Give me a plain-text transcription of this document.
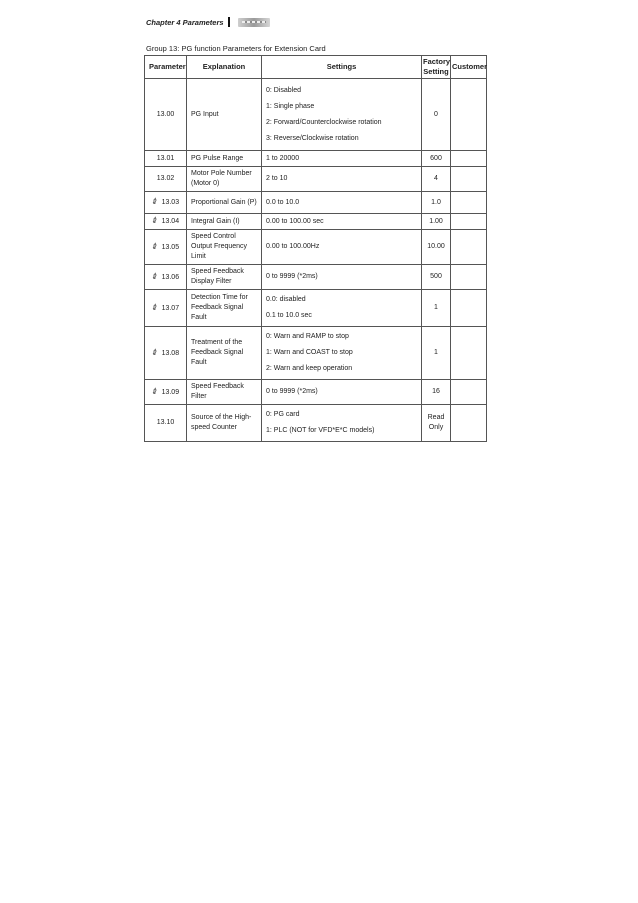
Chapter 4 Parameters
Group 13: PG function Parameters for Extension Card
Parameter	Explanation	Settings	Factory Setting	Customer
13.00	PG Input	0: Disabled
1: Single phase
2: Forward/Counterclockwise rotation
3: Reverse/Clockwise rotation	0	
13.01	PG Pulse Range	1 to 20000	600	
13.02	Motor Pole Number (Motor 0)	2 to 10	4	
✐13.03	Proportional Gain (P)	0.0 to 10.0	1.0	
✐13.04	Integral Gain (I)	0.00 to 100.00 sec	1.00	
✐13.05	Speed Control Output Frequency Limit	0.00 to 100.00Hz	10.00	
✐13.06	Speed Feedback Display Filter	0 to 9999 (*2ms)	500	
✐13.07	Detection Time for Feedback Signal Fault	0.0: disabled
0.1 to 10.0 sec	1	
✐13.08	Treatment of the Feedback Signal Fault	0: Warn and RAMP to stop
1: Warn and COAST to stop
2: Warn and keep operation	1	
✐13.09	Speed Feedback Filter	0 to 9999 (*2ms)	16	
13.10	Source of the High-speed Counter	0: PG card
1: PLC (NOT for VFD*E*C models)	Read Only	
